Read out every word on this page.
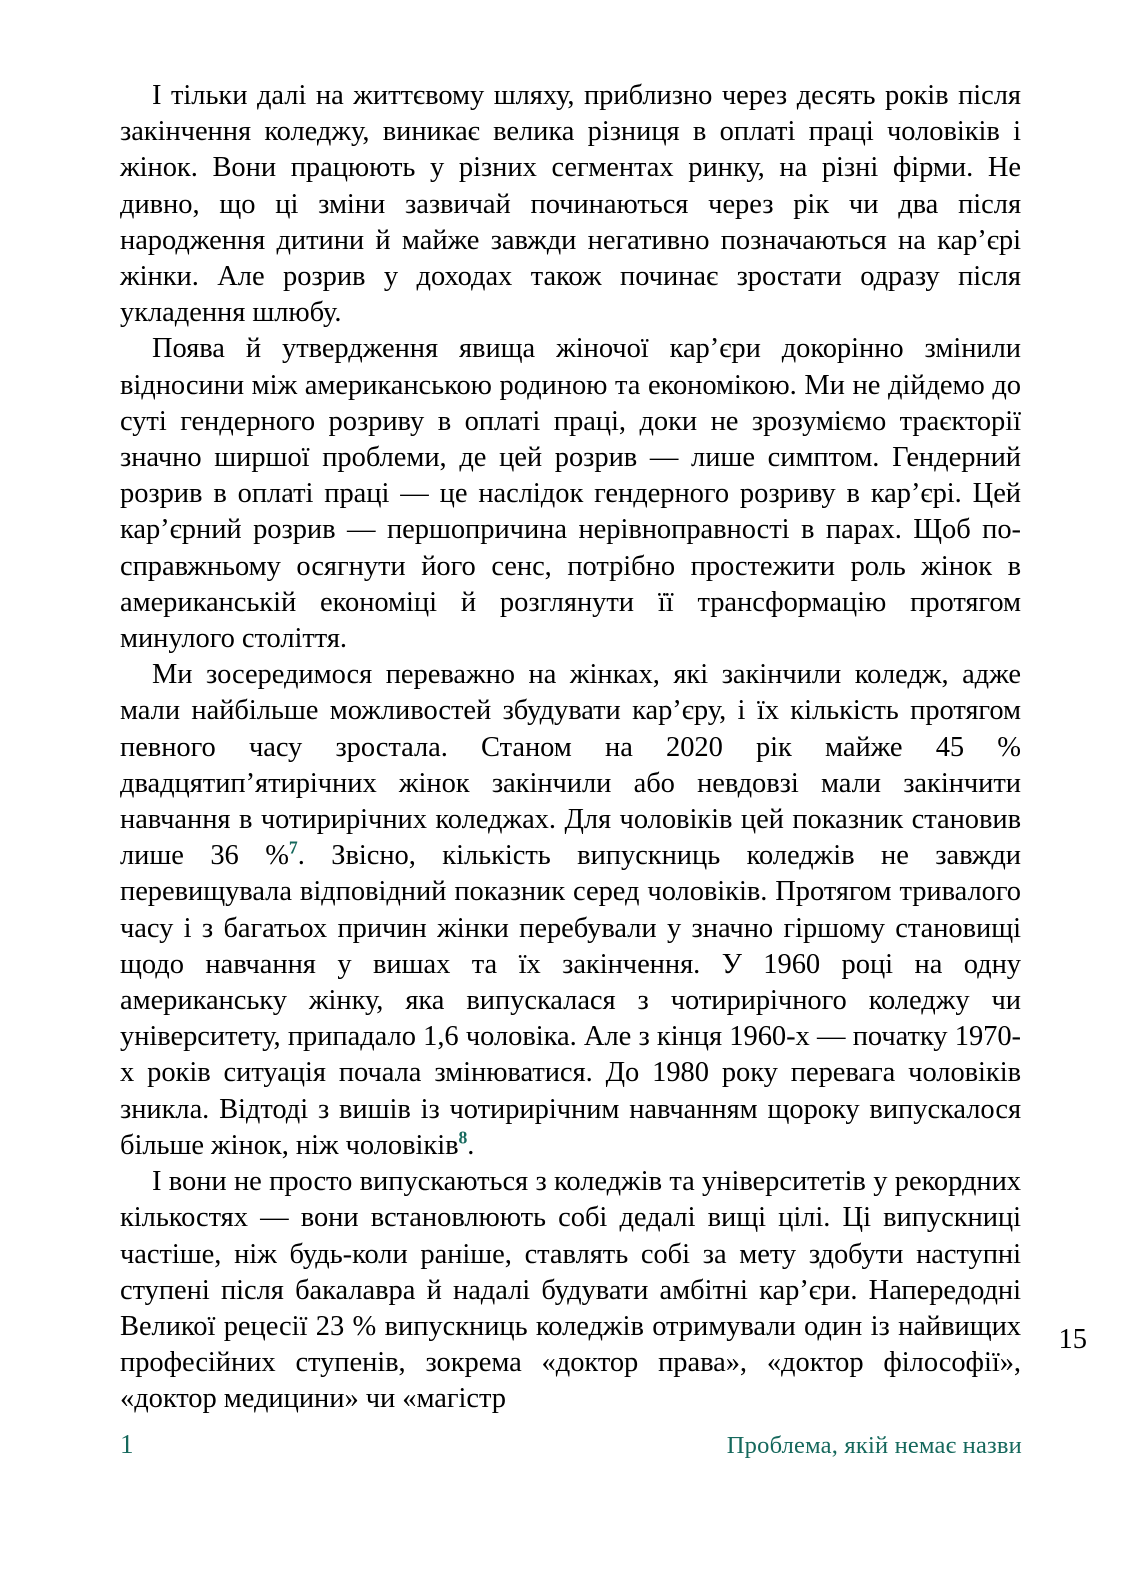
І тільки далі на життєвому шляху, приблизно через десять років після закінчення коледжу, виникає велика різниця в оплаті праці чоловіків і жінок. Вони працюють у різних сегментах ринку, на різні фірми. Не дивно, що ці зміни зазвичай починаються через рік чи два після народження дитини й майже завжди негативно позначаються на кар’єрі жінки. Але розрив у доходах також починає зростати одразу після укладення шлюбу.

Поява й утвердження явища жіночої кар’єри докорінно змінили відносини між американською родиною та економікою. Ми не дійдемо до суті гендерного розриву в оплаті праці, доки не зрозуміємо траєкторії значно ширшої проблеми, де цей розрив — лише симптом. Гендерний розрив в оплаті праці — це наслідок гендерного розриву в кар’єрі. Цей кар’єрний розрив — першопричина нерівноправності в парах. Щоб по-справжньому осягнути його сенс, потрібно простежити роль жінок в американській економіці й розглянути її трансформацію протягом минулого століття.

Ми зосередимося переважно на жінках, які закінчили коледж, адже мали найбільше можливостей збудувати кар’єру, і їх кількість протягом певного часу зростала. Станом на 2020 рік майже 45 % двадцятип’ятирічних жінок закінчили або невдовзі мали закінчити навчання в чотирирічних коледжах. Для чоловіків цей показник становив лише 36 %$^7$. Звісно, кількість випускниць коледжів не завжди перевищувала відповідний показник серед чоловіків. Протягом тривалого часу і з багатьох причин жінки перебували у значно гіршому становищі щодо навчання у вишах та їх закінчення. У 1960 році на одну американську жінку, яка випускалася з чотирирічного коледжу чи університету, припадало 1,6 чоловіка. Але з кінця 1960-х — початку 1970-х років ситуація почала змінюватися. До 1980 року перевага чоловіків зникла. Відтоді з вишів із чотирирічним навчанням щороку випускалося більше жінок, ніж чоловіків$^8$.

І вони не просто випускаються з коледжів та університетів у рекордних кількостях — вони встановлюють собі дедалі вищі цілі. Ці випускниці частіше, ніж будь-коли раніше, ставлять собі за мету здобути наступні ступені після бакалавра й надалі будувати амбітні кар’єри. Напередодні Великої рецесії 23 % випускниць коледжів отримували один із найвищих професійних ступенів, зокрема «доктор права», «доктор філософії», «доктор медицини» чи «магістр

15
1	Проблема, якій немає назви
